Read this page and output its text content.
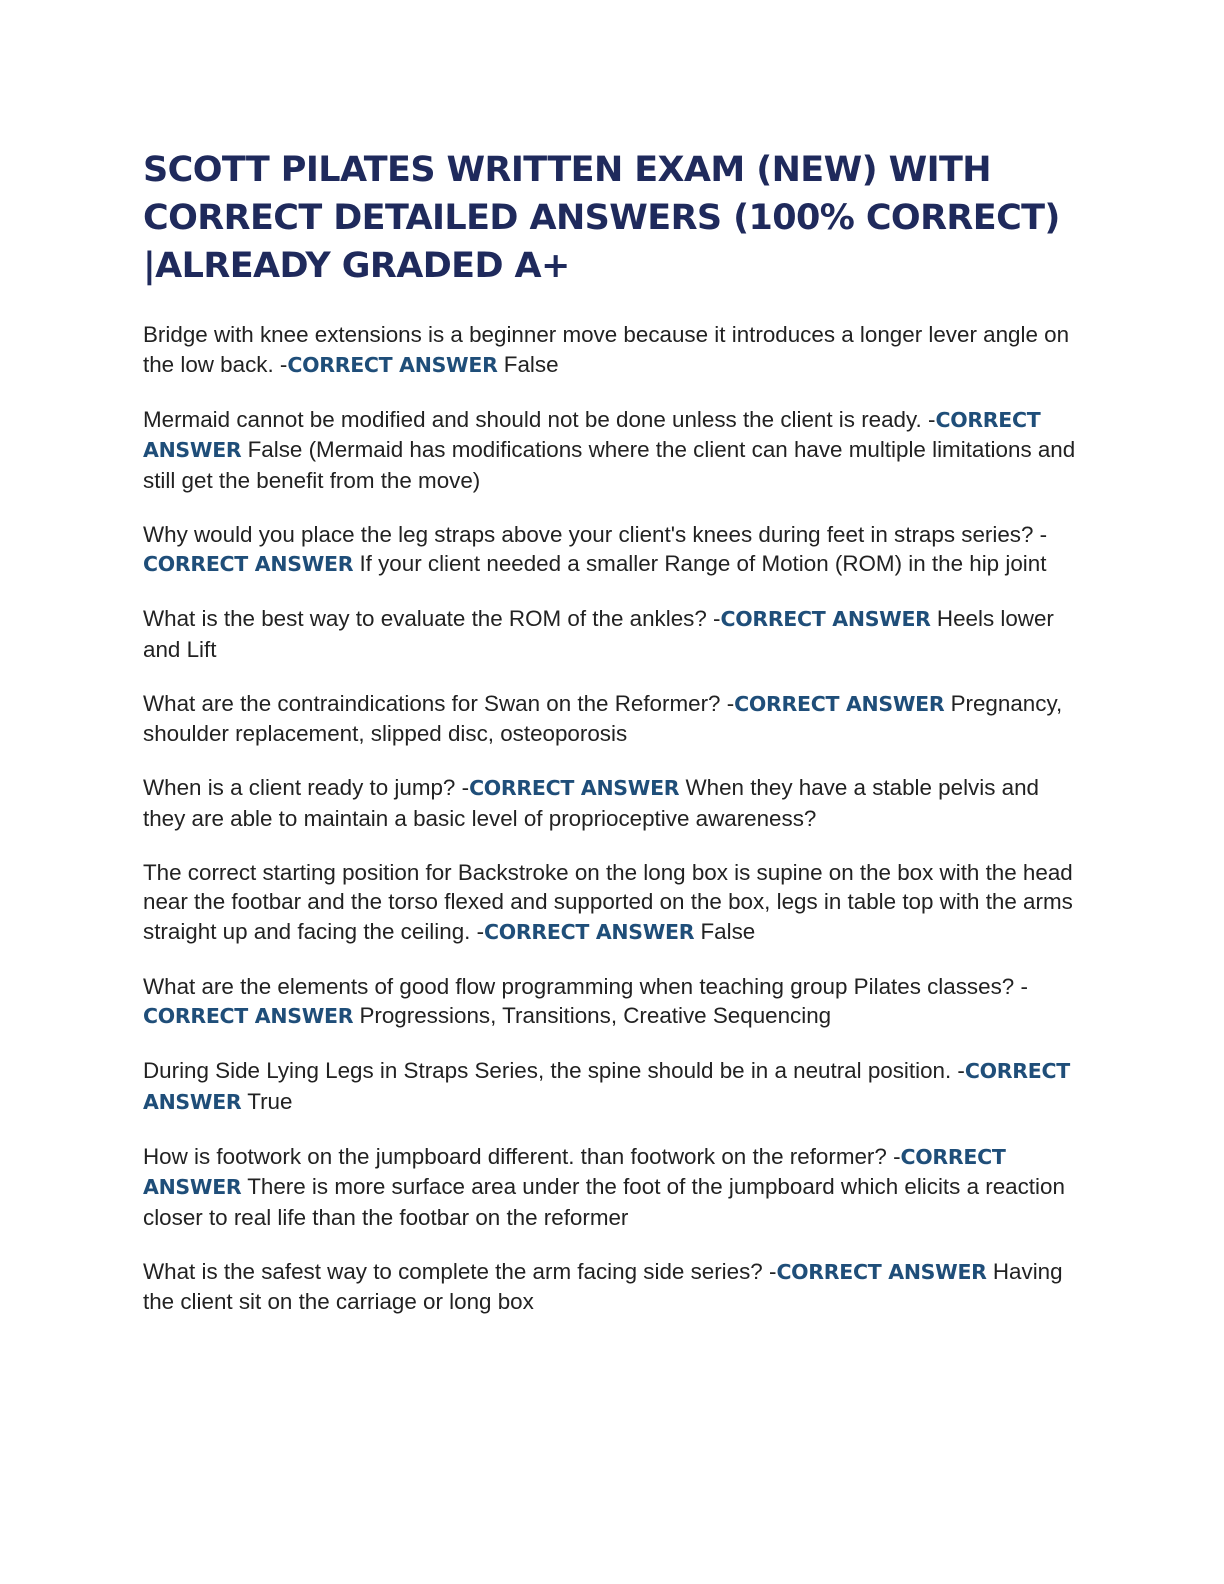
SCOTT PILATES WRITTEN EXAM (NEW) WITH CORRECT DETAILED ANSWERS (100% CORRECT) |ALREADY GRADED A+
Bridge with knee extensions is a beginner move because it introduces a longer lever angle on the low back. -CORRECT ANSWER False
Mermaid cannot be modified and should not be done unless the client is ready. -CORRECT ANSWER False (Mermaid has modifications where the client can have multiple limitations and still get the benefit from the move)
Why would you place the leg straps above your client's knees during feet in straps series? -CORRECT ANSWER If your client needed a smaller Range of Motion (ROM) in the hip joint
What is the best way to evaluate the ROM of the ankles? -CORRECT ANSWER Heels lower and Lift
What are the contraindications for Swan on the Reformer? -CORRECT ANSWER Pregnancy, shoulder replacement, slipped disc, osteoporosis
When is a client ready to jump? -CORRECT ANSWER When they have a stable pelvis and they are able to maintain a basic level of proprioceptive awareness?
The correct starting position for Backstroke on the long box is supine on the box with the head near the footbar and the torso flexed and supported on the box, legs in table top with the arms straight up and facing the ceiling. -CORRECT ANSWER False
What are the elements of good flow programming when teaching group Pilates classes? -CORRECT ANSWER Progressions, Transitions, Creative Sequencing
During Side Lying Legs in Straps Series, the spine should be in a neutral position. -CORRECT ANSWER True
How is footwork on the jumpboard different. than footwork on the reformer? -CORRECT ANSWER There is more surface area under the foot of the jumpboard which elicits a reaction closer to real life than the footbar on the reformer
What is the safest way to complete the arm facing side series? -CORRECT ANSWER Having the client sit on the carriage or long box
